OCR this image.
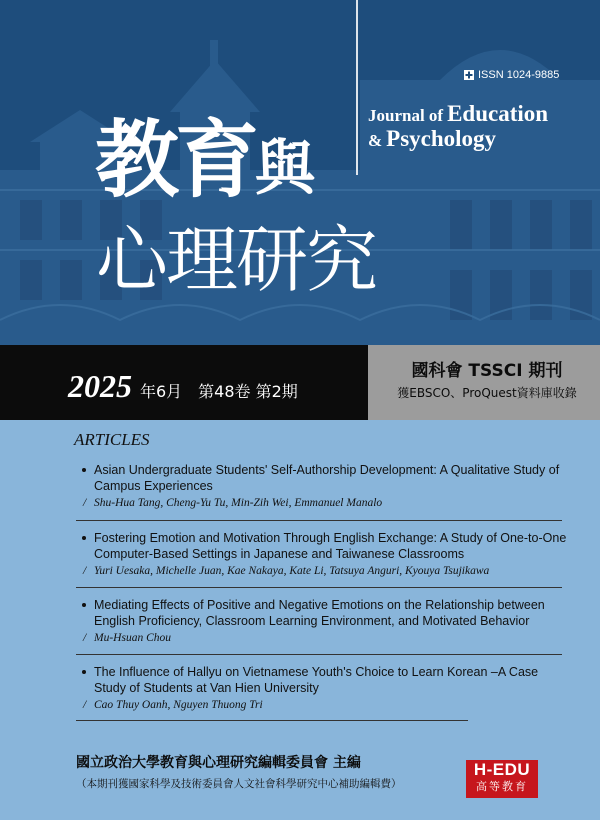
ISSN 1024-9885
Journal of Education
& Psychology
教育與
心理研究
2025 年6月　第48卷 第2期
國科會 TSSCI 期刊
獲EBSCO、ProQuest資料庫收錄
ARTICLES
Asian Undergraduate Students' Self-Authorship Development: A Qualitative Study of Campus Experiences
/ Shu-Hua Tang, Cheng-Yu Tu, Min-Zih Wei, Emmanuel Manalo
Fostering Emotion and Motivation Through English Exchange: A Study of One-to-One Computer-Based Settings in Japanese and Taiwanese Classrooms
/ Yuri Uesaka, Michelle Juan, Kae Nakaya, Kate Li, Tatsuya Anguri, Kyouya Tsujikawa
Mediating Effects of Positive and Negative Emotions on the Relationship between English Proficiency, Classroom Learning Environment, and Motivated Behavior
/ Mu-Hsuan Chou
The Influence of Hallyu on Vietnamese Youth's Choice to Learn Korean –A Case Study of Students at Van Hien University
/ Cao Thuy Oanh, Nguyen Thuong Tri
國立政治大學教育與心理研究編輯委員會 主編
（本期刊獲國家科學及技術委員會人文社會科學研究中心補助編輯費）
H-EDU
高等教育
